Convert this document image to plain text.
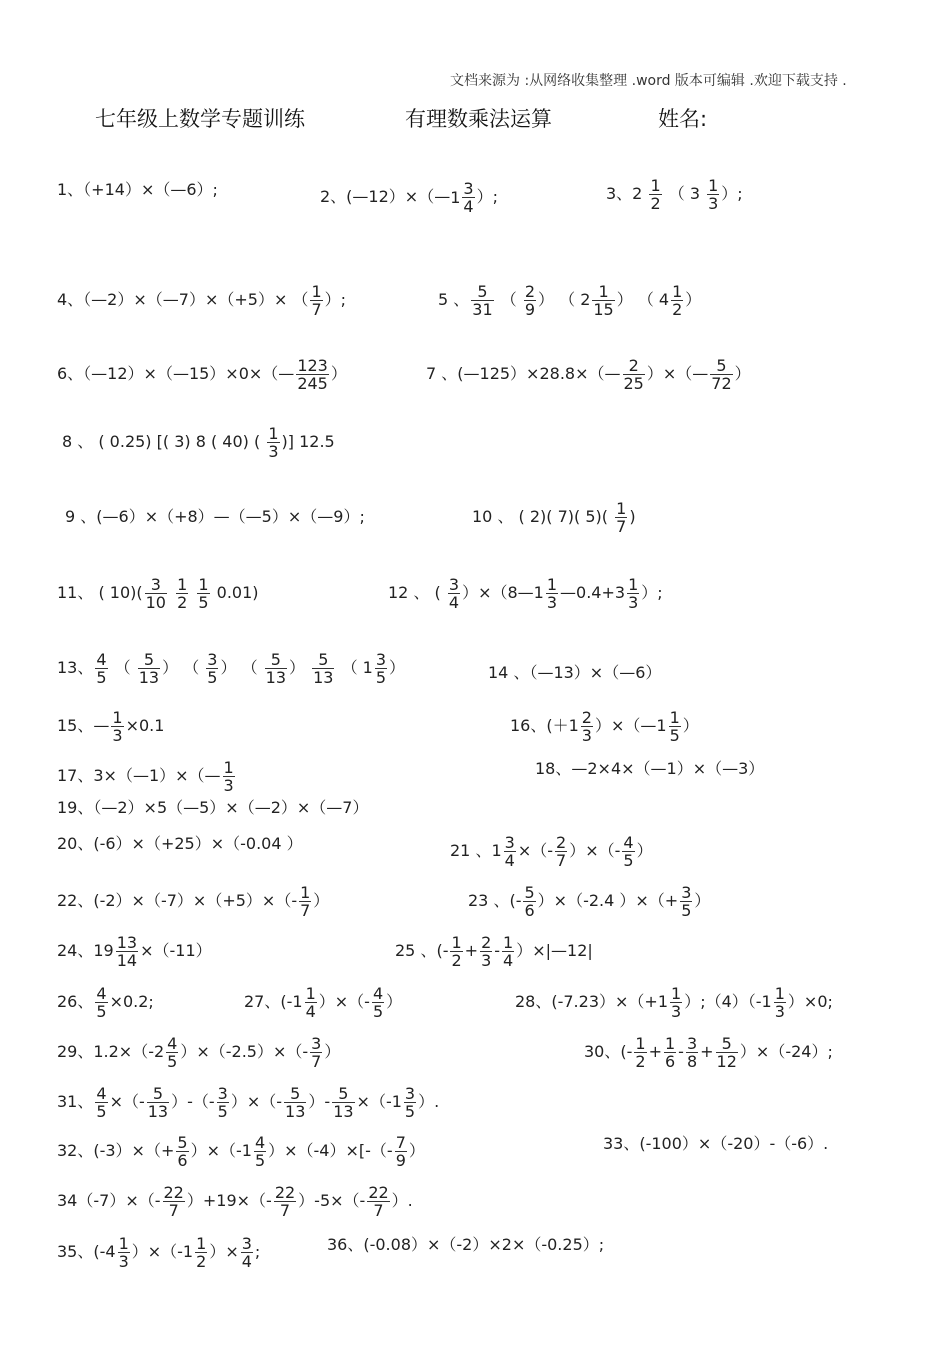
文档来源为 :从网络收集整理 .word 版本可编辑 .欢迎下载支持 .
七年级上数学专题训练	有理数乘法运算	姓名:
1、（+14）×（—6）;	2、(—12）×（—1 $\frac{3}{4}$ ）;	3、$2 \frac{1}{2}$ （ $3 \frac{1}{3}$ ）;
4、（—2）×（—7）×（+5）× （ $\frac{1}{7}$ ）;	5 、 $\frac{5}{31}$ （ $\frac{2}{9}$ ） （ $2 \frac{1}{15}$ ） （ $4 \frac{1}{2}$ ）
6、（—12）×（—15）×0×（— $\frac{123}{245}$ ）	7 、(—125）×28.8×（— $\frac{2}{25}$ ）×（— $\frac{5}{72}$ ）
8 、 ( 0.25) [( 3) 8 ( 40) ( $\frac{1}{3}$ )] 12.5
9 、(—6）×（+8）—（—5）×（—9）;	10 、 ( 2)( 7)( $5)( \frac{1}{7}$ )
11、 ( $10)( \frac{3}{10}$
$\frac{1}{2}$
$\frac{1}{5} 0.01$)	12 、 ( $\frac{3}{4}$ ）×（8—1 $\frac{1}{3}$ —0.4+3 $\frac{1}{3}$ ）;
13、 $\frac{4}{5}$ （ $\frac{5}{13}$ ） （ $\frac{3}{5}$ ） （ $\frac{5}{13}$ ） $\frac{5}{13}$ （ $1 \frac{3}{5}$ ）	14 、（—13）×（—6）
15、— $\frac{1}{3} \times 0.1$	16、($+1 \frac{2}{3}$ ）×（—1 $\frac{1}{5}$ ）
17、3×（—1）×（— $\frac{1}{3}$	18、—2×4×（—1）×（—3）
19、（—2）×5（—5）×（—2）×（—7）
20、(-6）×（+25）×（-0.04 ）	21 、$1 \frac{3}{4}$ ×（- $\frac{2}{7}$ ）×（- $\frac{4}{5}$ ）
22、$(-2)\times(-7)\times(+5)\times(- \frac{1}{7}$ ）	23 、(- $\frac{5}{6} )\times(-2.4$ ）×（+ $\frac{3}{5}$ ）
24、$19 \frac{13}{14} \times(-11)$	25 、(- $\frac{1}{2} + \frac{2}{3} - \frac{1}{4}$ ）×|—12|
26、 $\frac{4}{5} \times 0.2$;	27、($-1 \frac{1}{4}$ ）×（- $\frac{4}{5}$ ）	28、$(-7.23)\times(+1 \frac{1}{3}$ ）;（4）（-1 $\frac{1}{3} )\times 0$;
29、$1.2\times(-2 \frac{4}{5} )\times(-2.5)\times(- \frac{3}{7}$ ）	30、(- $\frac{1}{2} + \frac{1}{6} - \frac{3}{8} + \frac{5}{12} )\times(-24)$;
31、 $\frac{4}{5}$ ×（- $\frac{5}{13}$ ）-（- $\frac{3}{5}$ ）×（- $\frac{5}{13}$ ）- $\frac{5}{13} \times(-1 \frac{3}{5}$ ）.
32、$(-3)\times(+ \frac{5}{6} )\times(-1 \frac{4}{5} )\times(-4)\times[-(- \frac{7}{9}$ ）	33、(-100）×（-20）-（-6）.
$34(-7)\times(- \frac{22}{7} )+19\times(- \frac{22}{7} )-5\times(- \frac{22}{7}$ ）.
35、$(-4 \frac{1}{3} )\times(-1 \frac{1}{2}$ ）× $\frac{3}{4}$ ;	36、(-0.08）×（-2）×2×（-0.25）;
